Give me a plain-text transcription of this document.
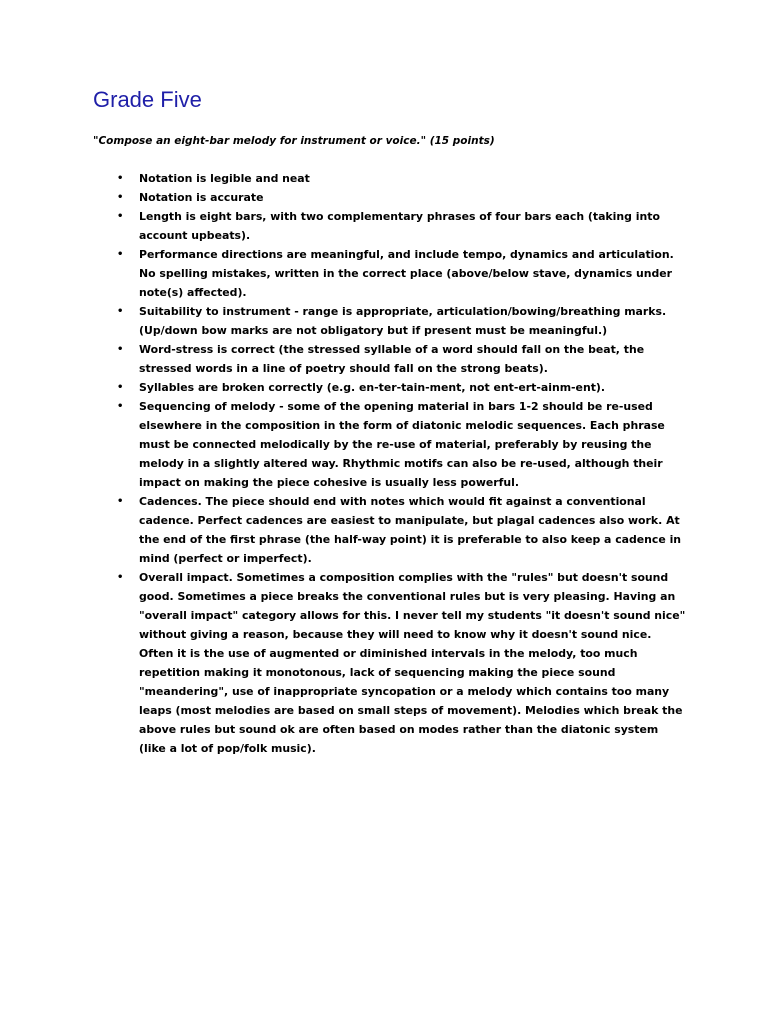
Grade Five

"Compose an eight-bar melody for instrument or voice." (15 points)

• Notation is legible and neat
• Notation is accurate
• Length is eight bars, with two complementary phrases of four bars each (taking into account upbeats).
• Performance directions are meaningful, and include tempo, dynamics and articulation. No spelling mistakes, written in the correct place (above/below stave, dynamics under note(s) affected).
• Suitability to instrument - range is appropriate, articulation/bowing/breathing marks. (Up/down bow marks are not obligatory but if present must be meaningful.)
• Word-stress is correct (the stressed syllable of a word should fall on the beat, the stressed words in a line of poetry should fall on the strong beats).
• Syllables are broken correctly (e.g. en-ter-tain-ment, not ent-ert-ainm-ent).
• Sequencing of melody - some of the opening material in bars 1-2 should be re-used elsewhere in the composition in the form of diatonic melodic sequences. Each phrase must be connected melodically by the re-use of material, preferably by reusing the melody in a slightly altered way. Rhythmic motifs can also be re-used, although their impact on making the piece cohesive is usually less powerful.
• Cadences. The piece should end with notes which would fit against a conventional cadence. Perfect cadences are easiest to manipulate, but plagal cadences also work. At the end of the first phrase (the half-way point) it is preferable to also keep a cadence in mind (perfect or imperfect).
• Overall impact. Sometimes a composition complies with the "rules" but doesn't sound good. Sometimes a piece breaks the conventional rules but is very pleasing. Having an "overall impact" category allows for this. I never tell my students "it doesn't sound nice" without giving a reason, because they will need to know why it doesn't sound nice. Often it is the use of augmented or diminished intervals in the melody, too much repetition making it monotonous, lack of sequencing making the piece sound "meandering", use of inappropriate syncopation or a melody which contains too many leaps (most melodies are based on small steps of movement). Melodies which break the above rules but sound ok are often based on modes rather than the diatonic system (like a lot of pop/folk music).
